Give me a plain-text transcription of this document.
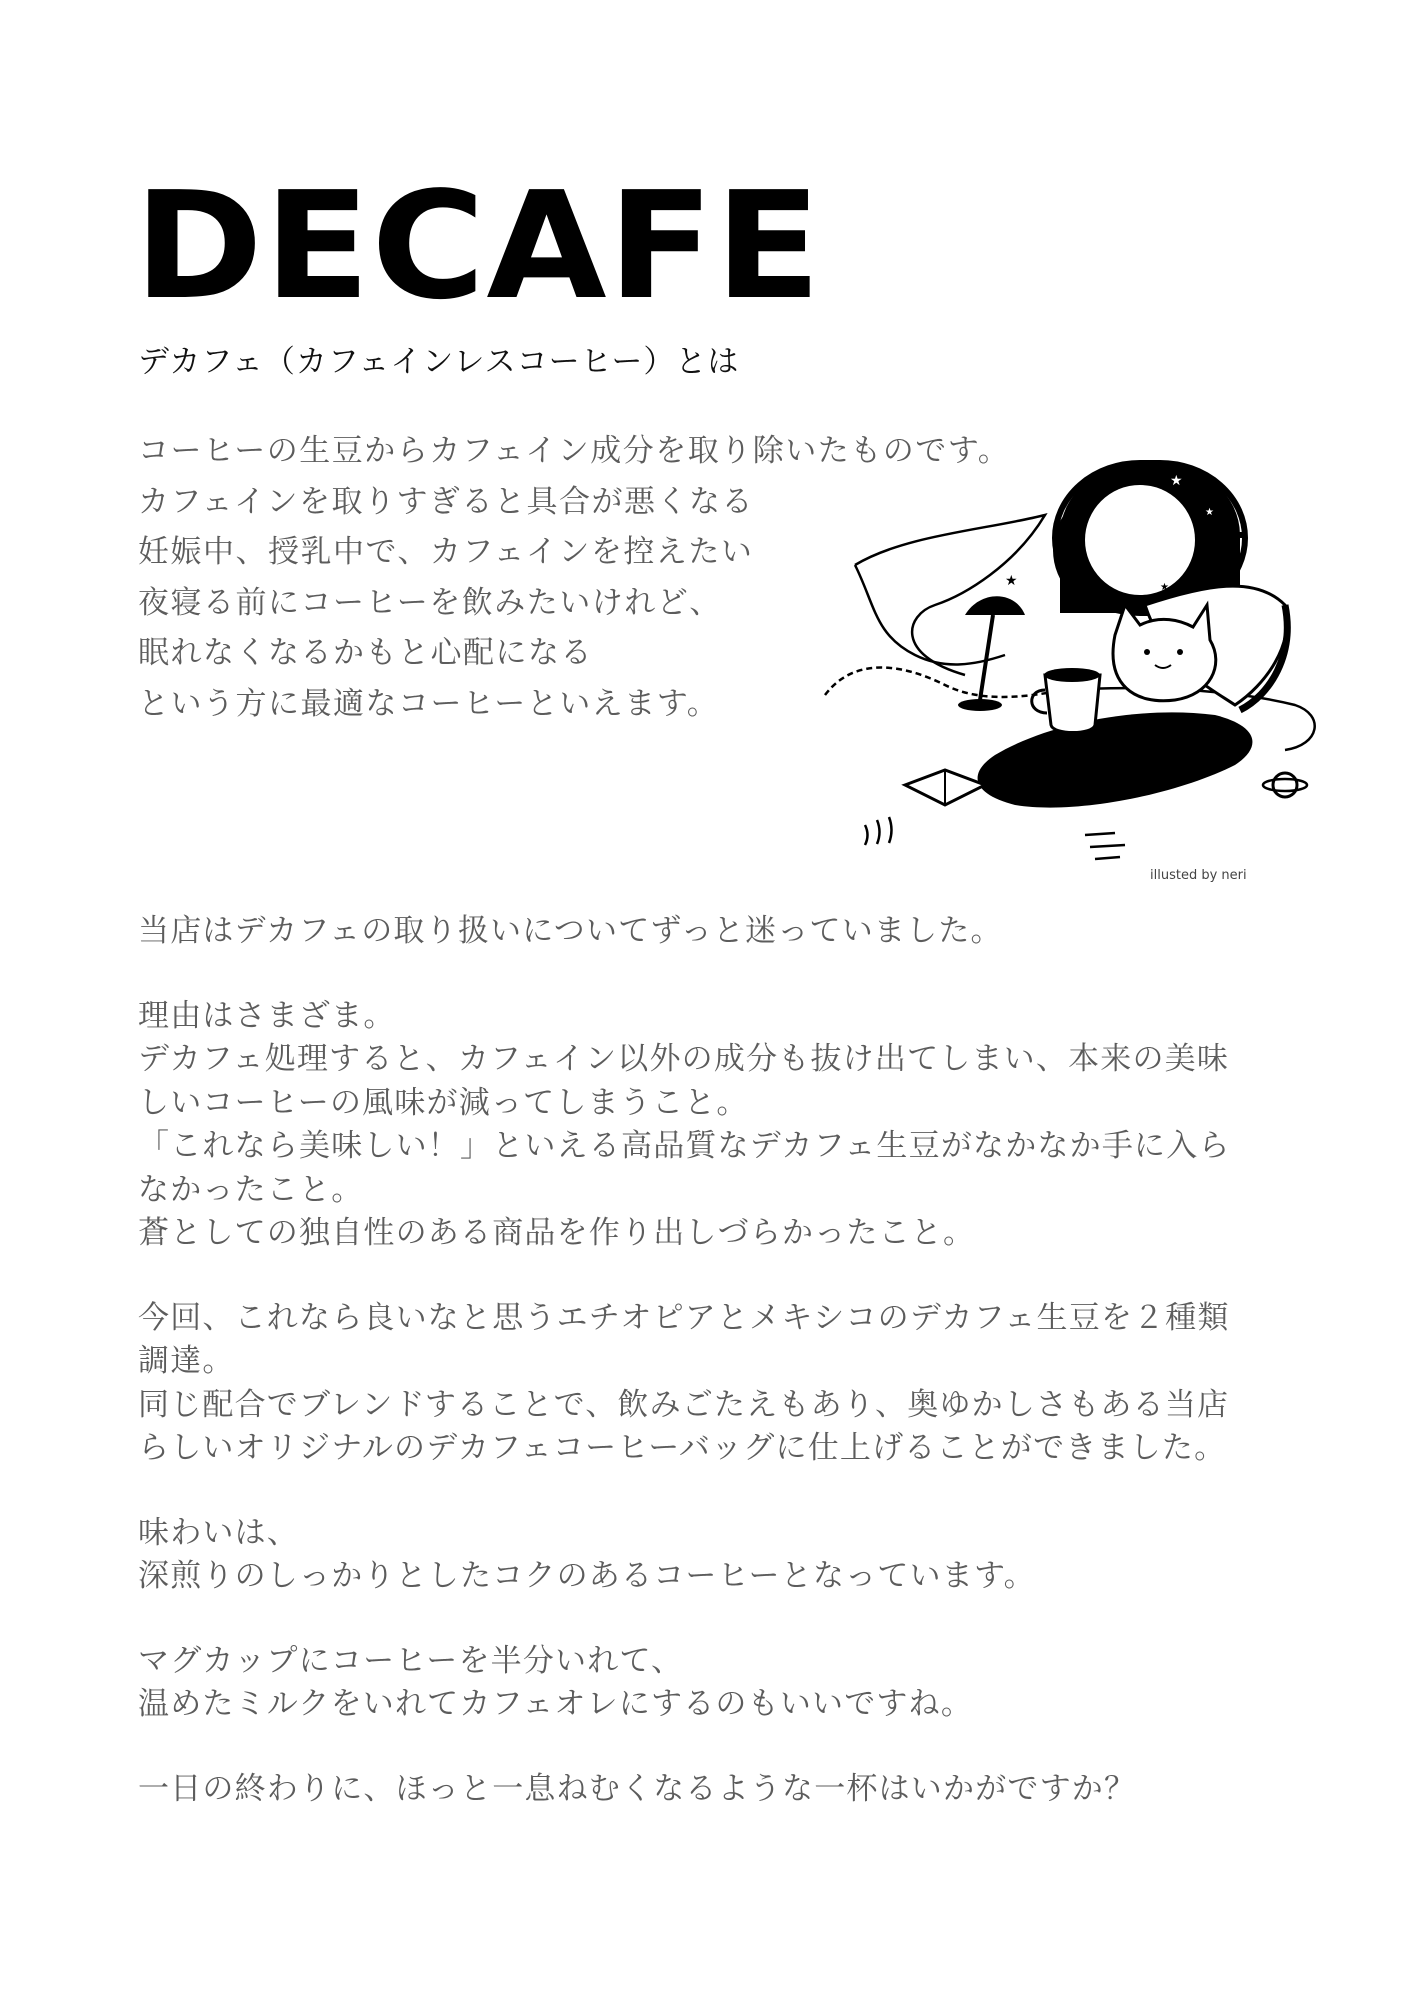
DECAFE
デカフェ（カフェインレスコーヒー）とは
コーヒーの生豆からカフェイン成分を取り除いたものです。
カフェインを取りすぎると具合が悪くなる
妊娠中、授乳中で、カフェインを控えたい
夜寝る前にコーヒーを飲みたいけれど、
眠れなくなるかもと心配になる
という方に最適なコーヒーといえます。
★
★
★
★	★
illusted by neri
当店はデカフェの取り扱いについてずっと迷っていました。
理由はさまざま。
デカフェ処理すると、カフェイン以外の成分も抜け出てしまい、本来の美味
しいコーヒーの風味が減ってしまうこと。
「これなら美味しい！」といえる高品質なデカフェ生豆がなかなか手に入ら
なかったこと。
蒼としての独自性のある商品を作り出しづらかったこと。
今回、これなら良いなと思うエチオピアとメキシコのデカフェ生豆を２種類
調達。
同じ配合でブレンドすることで、飲みごたえもあり、奥ゆかしさもある当店
らしいオリジナルのデカフェコーヒーバッグに仕上げることができました。
味わいは、
深煎りのしっかりとしたコクのあるコーヒーとなっています。
マグカップにコーヒーを半分いれて、
温めたミルクをいれてカフェオレにするのもいいですね。
一日の終わりに、ほっと一息ねむくなるような一杯はいかがですか？
